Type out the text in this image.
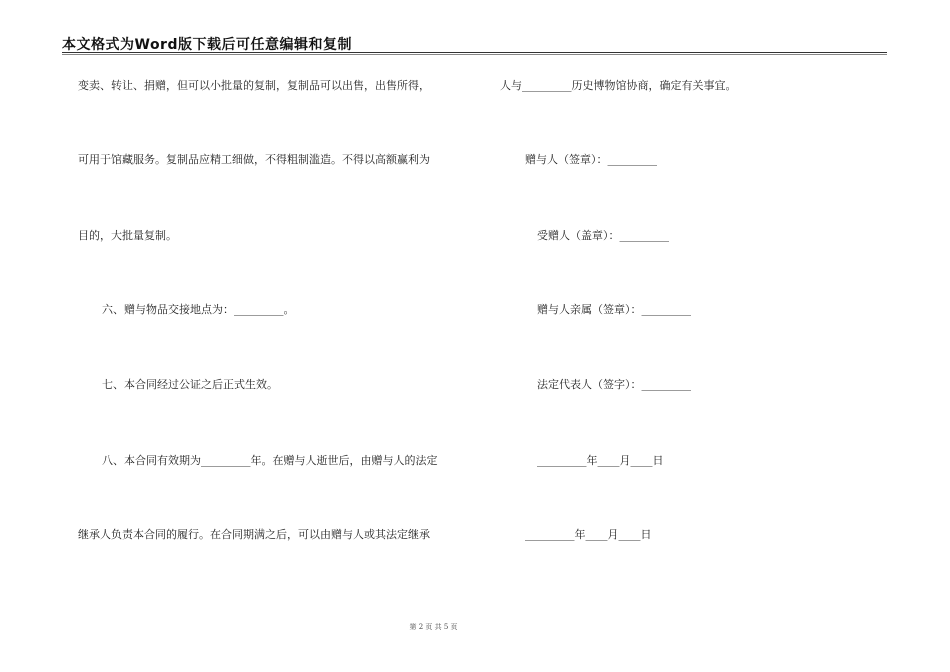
本文格式为Word版下载后可任意编辑和复制
变卖、转让、捐赠，但可以小批量的复制，复制品可以出售，出售所得，
可用于馆藏服务。复制品应精工细做，不得粗制滥造。不得以高额赢利为
目的，大批量复制。
六、赠与物品交接地点为：_________。
七、本合同经过公证之后正式生效。
八、本合同有效期为_________年。在赠与人逝世后，由赠与人的法定
继承人负责本合同的履行。在合同期满之后，可以由赠与人或其法定继承
人与_________历史博物馆协商，确定有关事宜。
赠与人（签章）：_________
受赠人（盖章）：_________
赠与人亲属（签章）：_________
法定代表人（签字）：_________
_________年____月____日
_________年____月____日
第 2 页 共 5 页
